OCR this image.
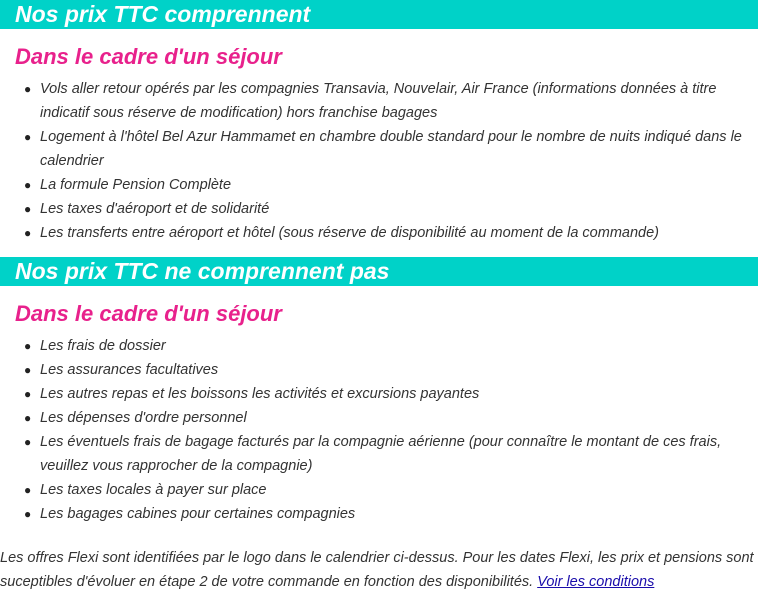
Nos prix TTC comprennent
Dans le cadre d'un séjour
● Vols aller retour opérés par les compagnies Transavia, Nouvelair, Air France (informations données à titre indicatif sous réserve de modification) hors franchise bagages
● Logement à l'hôtel Bel Azur Hammamet en chambre double standard pour le nombre de nuits indiqué dans le calendrier
● La formule Pension Complète
● Les taxes d'aéroport et de solidarité
● Les transferts entre aéroport et hôtel (sous réserve de disponibilité au moment de la commande)
Nos prix TTC ne comprennent pas
Dans le cadre d'un séjour
● Les frais de dossier
● Les assurances facultatives
● Les autres repas et les boissons les activités et excursions payantes
● Les dépenses d'ordre personnel
● Les éventuels frais de bagage facturés par la compagnie aérienne (pour connaître le montant de ces frais, veuillez vous rapprocher de la compagnie)
● Les taxes locales à payer sur place
● Les bagages cabines pour certaines compagnies
Les offres Flexi sont identifiées par le logo dans le calendrier ci-dessus. Pour les dates Flexi, les prix et pensions sont suceptibles d'évoluer en étape 2 de votre commande en fonction des disponibilités. Voir les conditions
